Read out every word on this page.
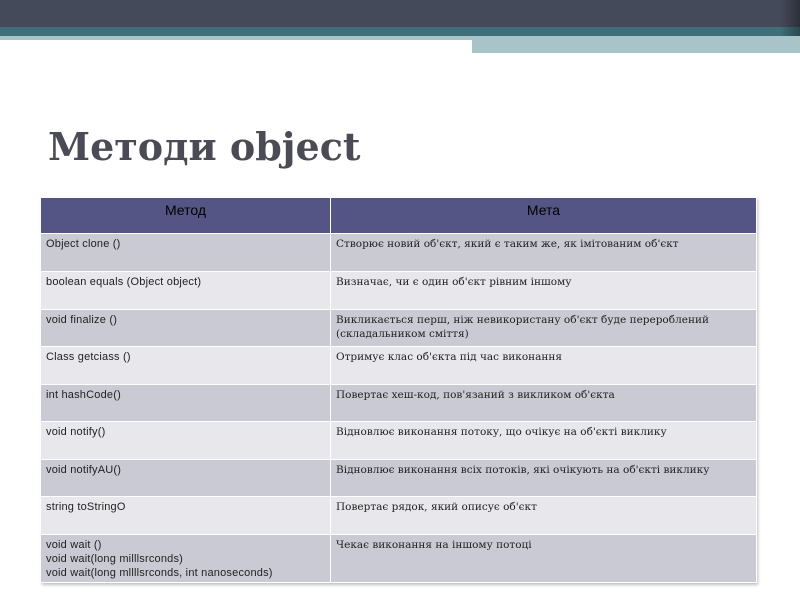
Методи object
Метод	Мета

Object clone ()	Створює новий об'єкт, який є таким же, як імітованим об'єкт

boolean equals (Object object)	Визначає, чи є один об'єкт рівним іншому

void finalize ()	Викликається перш, ніж невикористану об'єкт буде перероблений (складальником сміття)

Class getciass ()	Отримує клас об'єкта під час виконання

int hashCode()	Повертає хеш-код, пов'язаний з викликом об'єкта

void notify()	Відновлює виконання потоку, що очікує на об'єкті виклику

void notifyAU()	Відновлює виконання всіх потоків, які очікують на об'єкті виклику

string toStringO	Повертає рядок, який описує об'єкт

void wait ()
void wait(long milllsrconds)
void wait(long mllllsrconds, int nanoseconds)	Чекає виконання на іншому потоці
